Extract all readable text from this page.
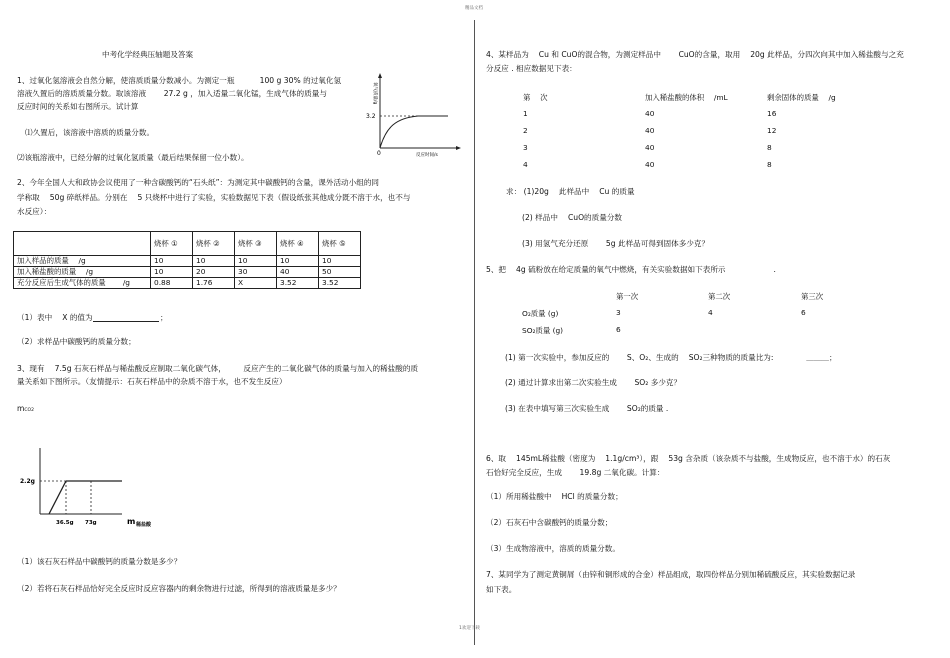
精品文档
中考化学经典压轴题及答案
1、过氧化氢溶液会自然分解，使溶质质量分数减小。为测定一瓶 　　　100 g 30% 的过氧化氢
溶液久置后的溶质质量分数。取该溶液 　　27.2 g ，加入适量二氧化锰，生成气体的质量与
反应时间的关系如右图所示。试计算
⑴久置后，该溶液中溶质的质量分数。
⑵该瓶溶液中，已经分解的过氧化氢质量（最后结果保留一位小数）。
3.2
0	反应时间/s
氧气质量/g
2、今年全国人大和政协会议使用了一种含碳酸钙的“石头纸”：为测定其中碳酸钙的含量，课外活动小组的同
学称取 　50g 碎纸样品。分别在 　5 只烧杯中进行了实验，实验数据见下表（假设纸张其他成分既不溶于水，也不与
水反应）：
	烧杯 ①	烧杯 ②	烧杯 ③	烧杯 ④	烧杯 ⑤
加入样品的质量 　/g	10	10	10	10	10
加入稀盐酸的质量 　/g	10	20	30	40	50
充分反应后生成气体的质量 　　/g	0.88	1.76	X	3.52	3.52
（1）表中 　X 的值为	；
（2）求样品中碳酸钙的质量分数；
3、现有 　7.5g 石灰石样品与稀盐酸反应制取二氧化碳气体， 　　反应产生的二氧化碳气体的质量与加入的稀盐酸的质
量关系如下图所示。（友情提示：石灰石样品中的杂质不溶于水，也不发生反应）
mCO2
2.2g
36.5g 73g	m 稀盐酸
（1）该石灰石样品中碳酸钙的质量分数是多少？
（2）若将石灰石样品恰好完全反应时反应容器内的剩余物进行过滤，所得到的溶液质量是多少？
4、某样品为 　Cu 和 CuO的混合物，为测定样品中 　　CuO的含量，取用 　20g 此样品，分四次向其中加入稀盐酸与之充
分反应 . 相应数据见下表：
第 　次	加入稀盐酸的体积 　/mL	剩余固体的质量 　/g
1	40	16
2	40	12
3	40	8
4	40	8
求： (1)20g 　此样品中 　Cu 的质量
(2) 样品中 　CuO的质量分数
(3) 用氢气充分还原 　　5g 此样品可得到固体多少克？
5、把 　4g 硫粉放在给定质量的氧气中燃烧，有关实验数据如下表所示 　　　　　　.
	第一次	第二次	第三次
O₂质量 (g)	3	4	6
SO₂质量 (g)	6		
(1) 第一次实验中，参加反应的 　　S、O₂、生成的 　SO₂三种物质的质量比为: 　　　　＿＿＿；
(2) 通过计算求出第二次实验生成 　　SO₂ 多少克？
(3) 在表中填写第三次实验生成 　　SO₂的质量 .
6、取 　145mL稀盐酸（密度为 　1.1g/cm³），跟 　53g 含杂质（该杂质不与盐酸，生成物反应，也不溶于水）的石灰
石恰好完全反应，生成 　　19.8g 二氧化碳。计算：
（1）所用稀盐酸中 　HCl 的质量分数；
（2）石灰石中含碳酸钙的质量分数；
（3）生成物溶液中，溶质的质量分数。
7、某同学为了测定黄铜屑（由锌和铜形成的合金）样品组成，取四份样品分别加稀硫酸反应，其实验数据记录
如下表。
1欢迎下载
